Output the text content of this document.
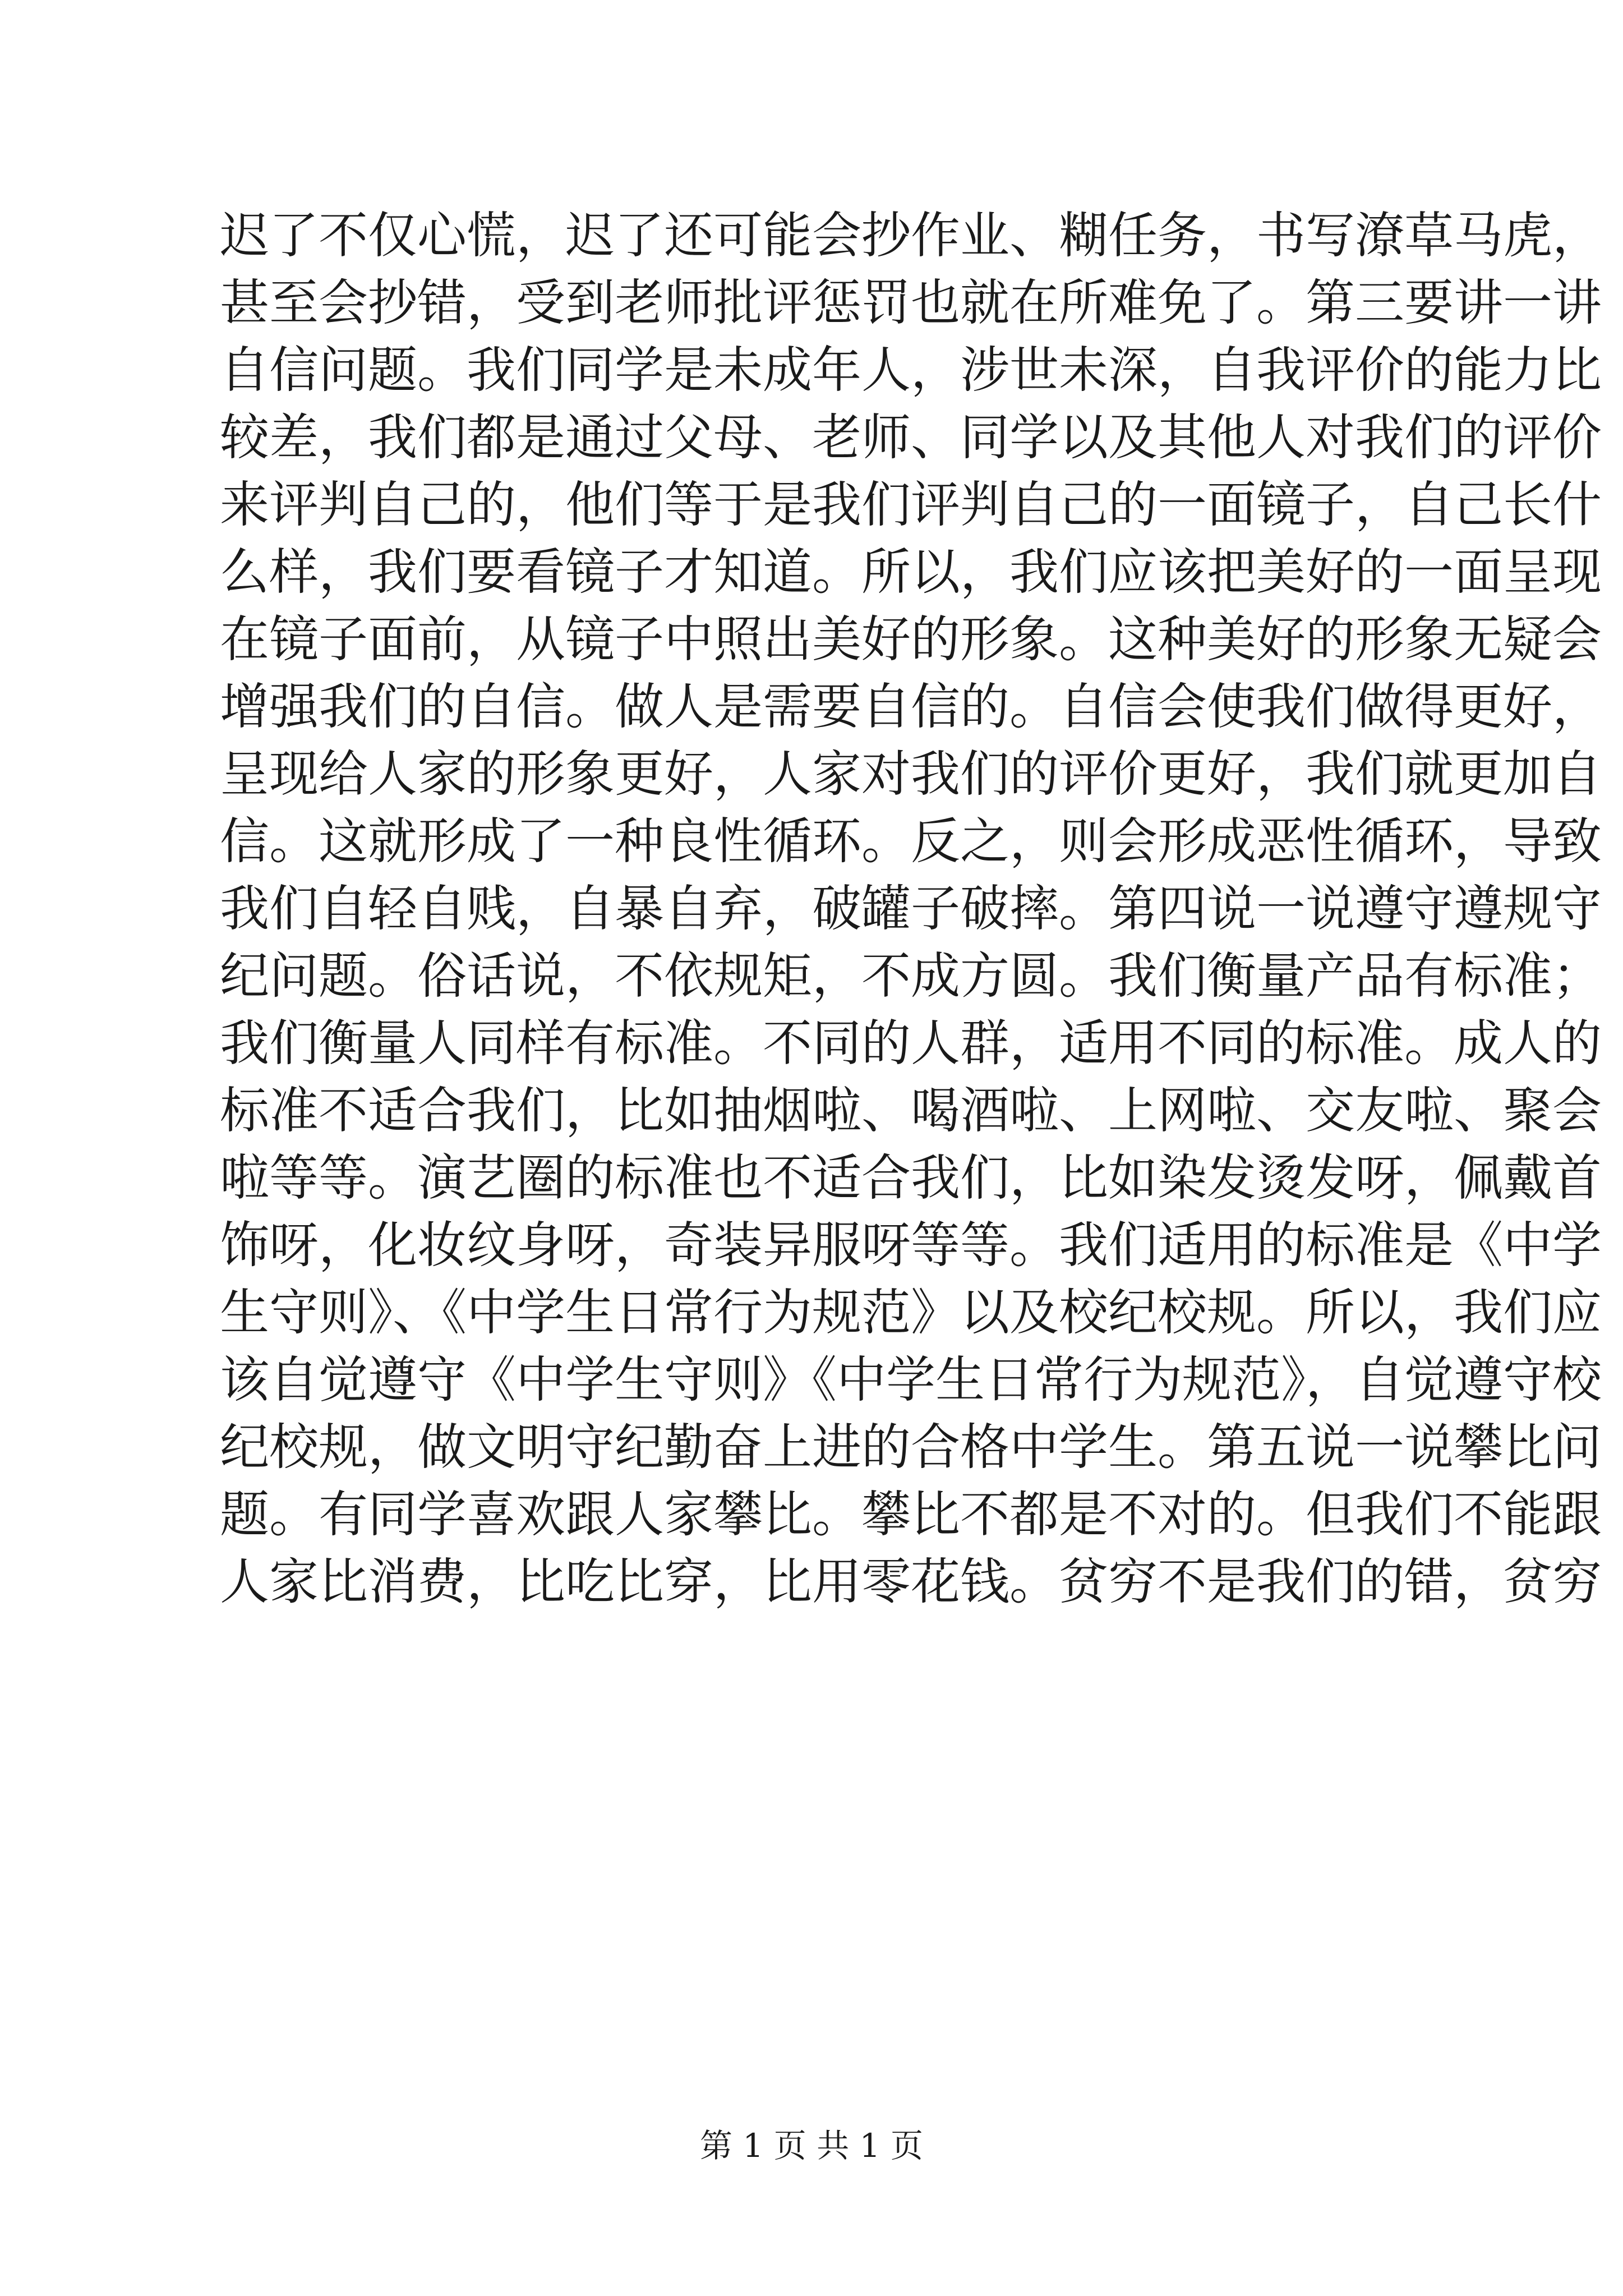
迟了不仅心慌，迟了还可能会抄作业、糊任务，书写潦草马虎，
甚至会抄错，受到老师批评惩罚也就在所难免了。第三要讲一讲
自信问题。我们同学是未成年人，涉世未深，自我评价的能力比
较差，我们都是通过父母、老师、同学以及其他人对我们的评价
来评判自己的，他们等于是我们评判自己的一面镜子，自己长什
么样，我们要看镜子才知道。所以，我们应该把美好的一面呈现
在镜子面前，从镜子中照出美好的形象。这种美好的形象无疑会
增强我们的自信。做人是需要自信的。自信会使我们做得更好，
呈现给人家的形象更好，人家对我们的评价更好，我们就更加自
信。这就形成了一种良性循环。反之，则会形成恶性循环，导致
我们自轻自贱，自暴自弃，破罐子破摔。第四说一说遵守遵规守
纪问题。俗话说，不依规矩，不成方圆。我们衡量产品有标准；
我们衡量人同样有标准。不同的人群，适用不同的标准。成人的
标准不适合我们，比如抽烟啦、喝酒啦、上网啦、交友啦、聚会
啦等等。演艺圈的标准也不适合我们，比如染发烫发呀，佩戴首
饰呀，化妆纹身呀，奇装异服呀等等。我们适用的标准是《中学
生守则》、《中学生日常行为规范》以及校纪校规。所以，我们应
该自觉遵守《中学生守则》《中学生日常行为规范》，自觉遵守校
纪校规，做文明守纪勤奋上进的合格中学生。第五说一说攀比问
题。有同学喜欢跟人家攀比。攀比不都是不对的。但我们不能跟
人家比消费，比吃比穿，比用零花钱。贫穷不是我们的错，贫穷
第 1 页 共 1 页
